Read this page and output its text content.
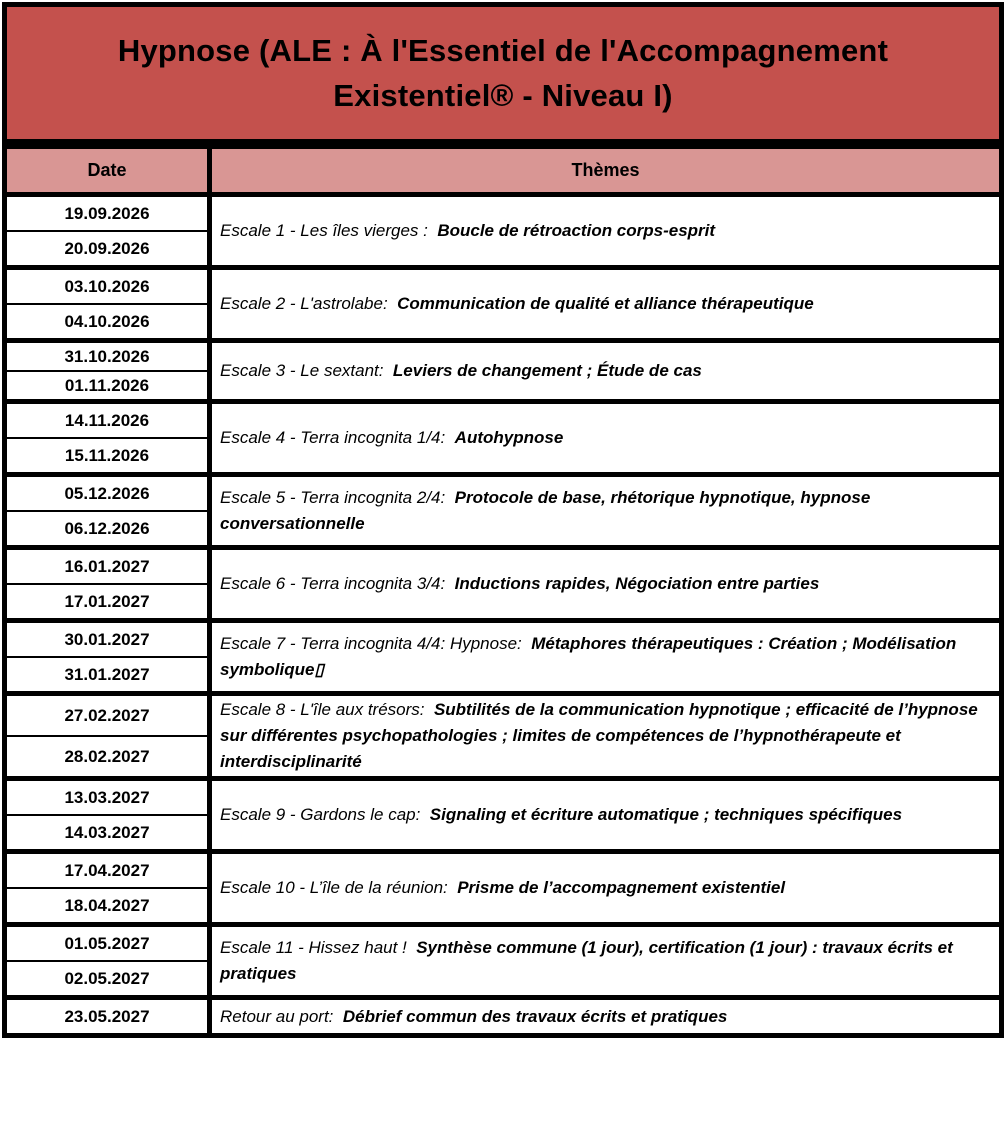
Hypnose (ALE : À l'Essentiel de l'Accompagnement
Existentiel® - Niveau I)
Date	Thèmes
19.09.2026	Escale 1 - Les îles vierges :  Boucle de rétroaction corps-esprit
20.09.2026	
03.10.2026	Escale 2 - L'astrolabe:  Communication de qualité et alliance thérapeutique
04.10.2026	
31.10.2026	Escale 3 - Le sextant:  Leviers de changement ; Étude de cas
01.11.2026	
14.11.2026	Escale 4 - Terra incognita 1/4:  Autohypnose
15.11.2026	
05.12.2026	Escale 5 - Terra incognita 2/4:  Protocole de base, rhétorique hypnotique, hypnose conversationnelle
06.12.2026	
16.01.2027	Escale 6 - Terra incognita 3/4:  Inductions rapides, Négociation entre parties
17.01.2027	
30.01.2027	Escale 7 - Terra incognita 4/4: Hypnose:  Métaphores thérapeutiques : Création ; Modélisation symbolique▯
31.01.2027	
27.02.2027	Escale 8 - L'île aux trésors:  Subtilités de la communication hypnotique ; efficacité de l’hypnose sur différentes psychopathologies ; limites de compétences de l’hypnothérapeute et interdisciplinarité
28.02.2027	
13.03.2027	Escale 9 - Gardons le cap:  Signaling et écriture automatique ; techniques spécifiques
14.03.2027	
17.04.2027	Escale 10 - L’île de la réunion:  Prisme de l’accompagnement existentiel
18.04.2027	
01.05.2027	Escale 11 - Hissez haut !  Synthèse commune (1 jour), certification (1 jour) : travaux écrits et pratiques
02.05.2027	
23.05.2027	Retour au port:  Débrief commun des travaux écrits et pratiques
